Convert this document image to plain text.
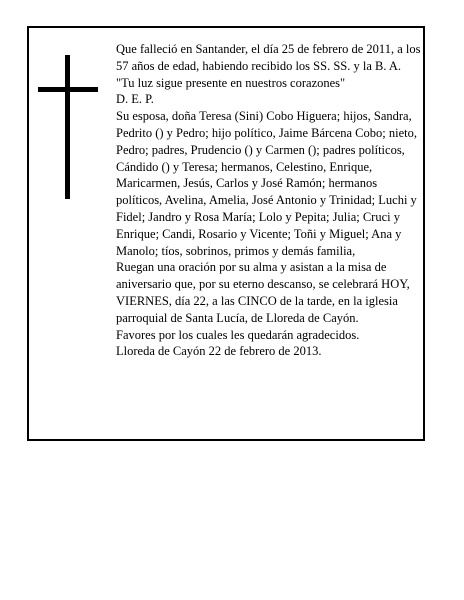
Que falleció en Santander, el día 25 de febrero de 2011, a los 57 años de edad, habiendo recibido los SS. SS. y la B. A.

"Tu luz sigue presente en nuestros corazones"

D. E. P.

Su esposa, doña Teresa (Sini) Cobo Higuera; hijos, Sandra, Pedrito () y Pedro; hijo político, Jaime Bárcena Cobo; nieto, Pedro; padres, Prudencio () y Carmen (); padres políticos, Cándido () y Teresa; hermanos, Celestino, Enrique, Maricarmen, Jesús, Carlos y José Ramón; hermanos políticos, Avelina, Amelia, José Antonio y Trinidad; Luchi y Fidel; Jandro y Rosa María; Lolo y Pepita; Julia; Cruci y Enrique; Candi, Rosario y Vicente; Toñi y Miguel; Ana y Manolo; tíos, sobrinos, primos y demás familia,

Ruegan una oración por su alma y asistan a la misa de aniversario que, por su eterno descanso, se celebrará HOY, VIERNES, día 22, a las CINCO de la tarde, en la iglesia parroquial de Santa Lucía, de Lloreda de Cayón.

Favores por los cuales les quedarán agradecidos.

Lloreda de Cayón 22 de febrero de 2013.
